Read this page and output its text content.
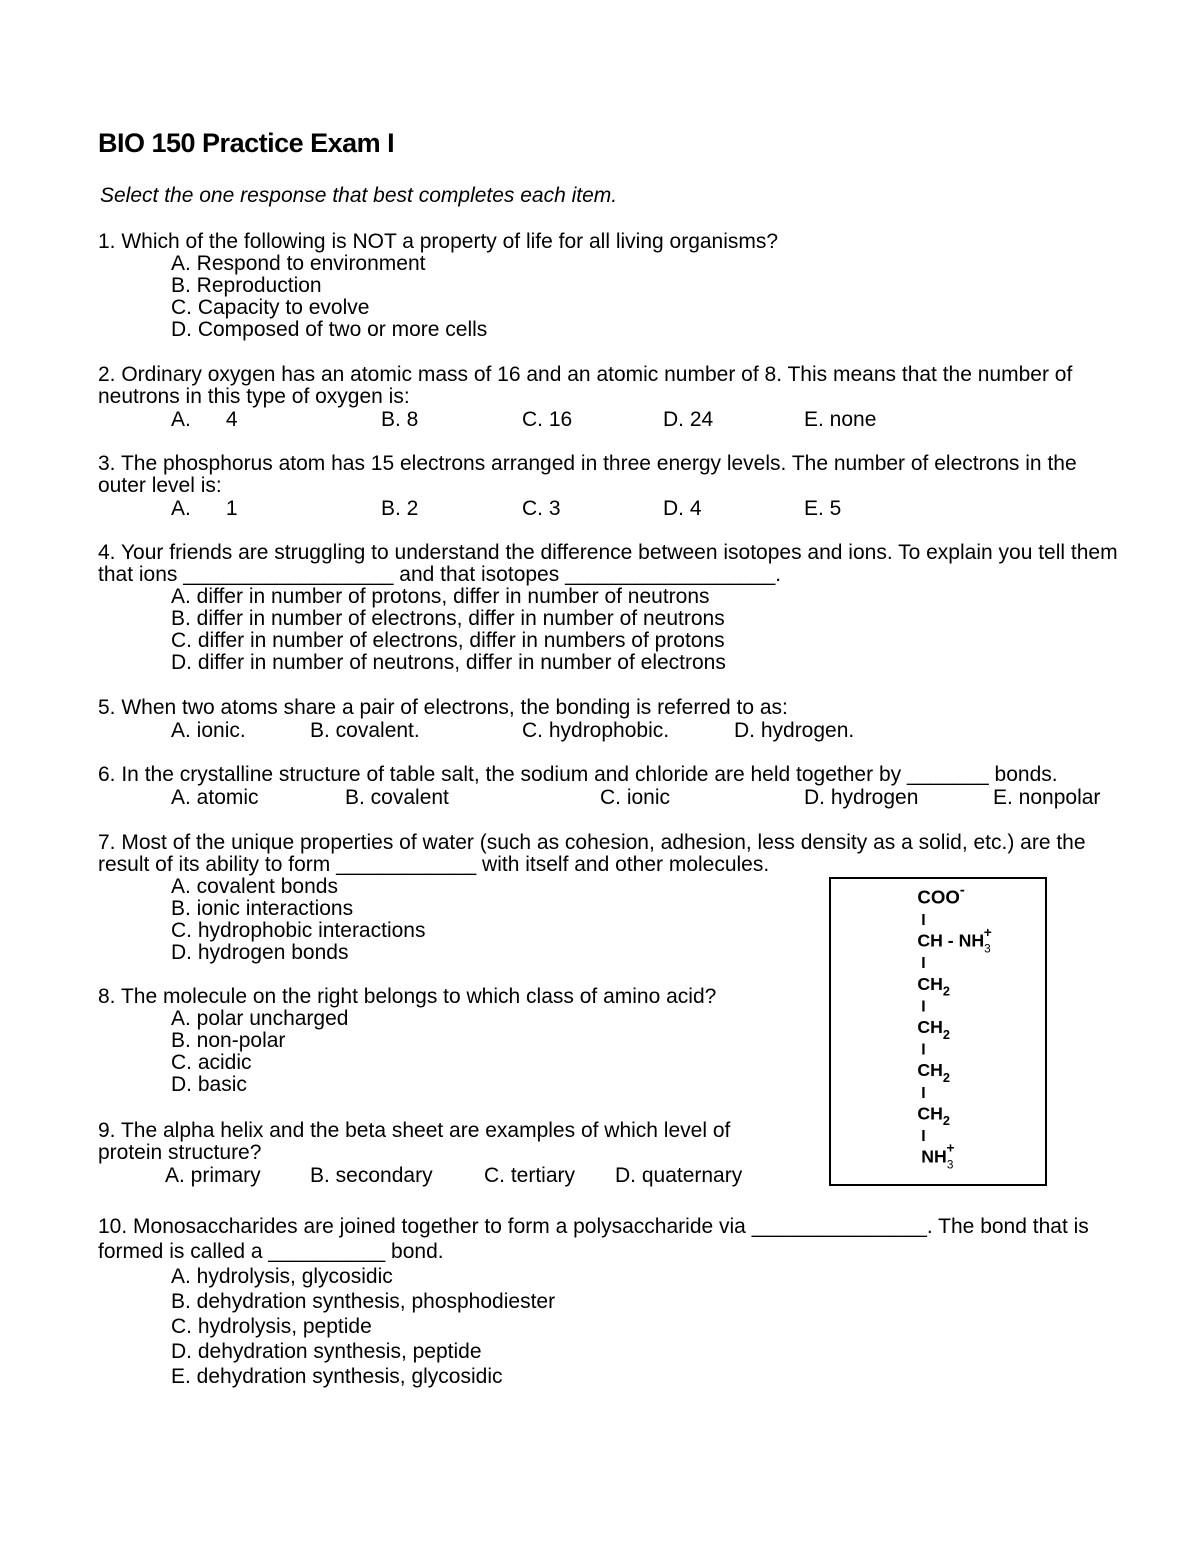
BIO 150 Practice Exam I

Select the one response that best completes each item.

1. Which of the following is NOT a property of life for all living organisms?

A. Respond to environment

B. Reproduction

C. Capacity to evolve

D. Composed of two or more cells

2. Ordinary oxygen has an atomic mass of 16 and an atomic number of 8. This means that the number of neutrons in this type of oxygen is:

A.      4	B. 8	C. 16	D. 24	E. none

3. The phosphorus atom has 15 electrons arranged in three energy levels. The number of electrons in the outer level is:

A.      1	B. 2	C. 3	D. 4	E. 5

4. Your friends are struggling to understand the difference between isotopes and ions. To explain you tell them that ions __________________ and that isotopes __________________.

A. differ in number of protons, differ in number of neutrons

B. differ in number of electrons, differ in number of neutrons

C. differ in number of electrons, differ in numbers of protons

D. differ in number of neutrons, differ in number of electrons

5. When two atoms share a pair of electrons, the bonding is referred to as:

A. ionic.	B. covalent.	C. hydrophobic.	D. hydrogen.

6. In the crystalline structure of table salt, the sodium and chloride are held together by _______ bonds.

A. atomic	B. covalent	C. ionic	D. hydrogen	E. nonpolar

7. Most of the unique properties of water (such as cohesion, adhesion, less density as a solid, etc.) are the result of its ability to form ____________ with itself and other molecules.

A. covalent bonds

B. ionic interactions

C. hydrophobic interactions

D. hydrogen bonds

8. The molecule on the right belongs to which class of amino acid?

A. polar uncharged

B. non-polar

C. acidic

D. basic

9. The alpha helix and the beta sheet are examples of which level of protein structure?

A. primary B. secondary C. tertiary D. quaternary

10. Monosaccharides are joined together to form a polysaccharide via _______________. The bond that is formed is called a __________ bond.

A. hydrolysis, glycosidic

B. dehydration synthesis, phosphodiester

C. hydrolysis, peptide

D. dehydration synthesis, peptide

E. dehydration synthesis, glycosidic

COO-
I
CH - $NH_3+$
I
$CH_2$
I
$CH_2$
I
$CH_2$
I
$CH_2$
I
$NH_3+$
